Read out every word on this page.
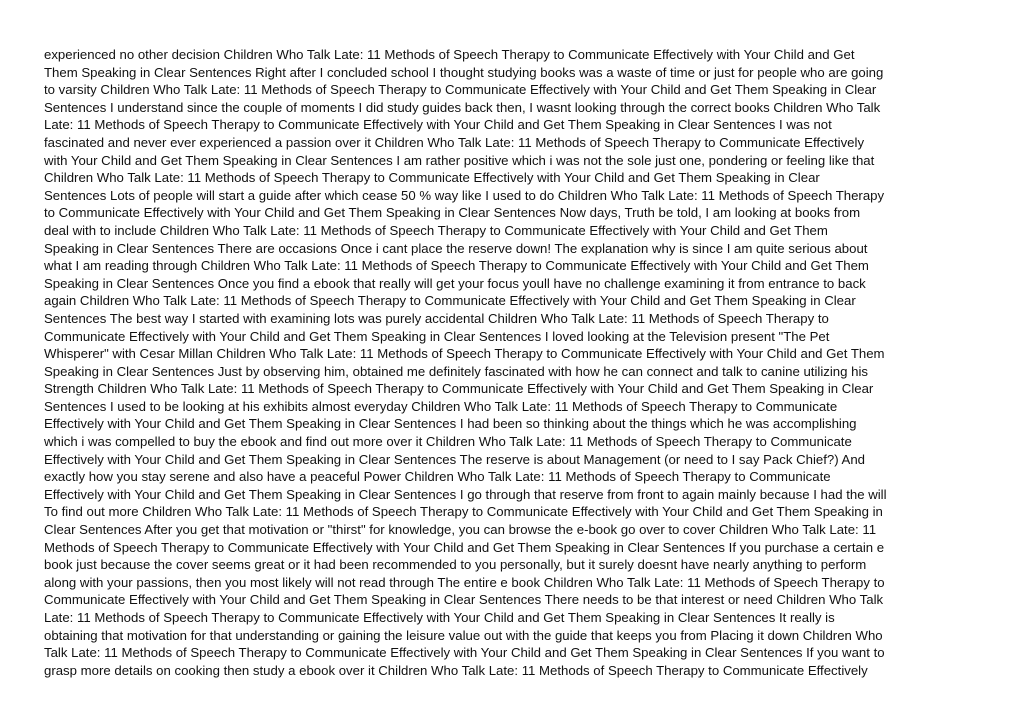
experienced no other decision Children Who Talk Late: 11 Methods of Speech Therapy to Communicate Effectively with Your Child and Get
Them Speaking in Clear Sentences Right after I concluded school I thought studying books was a waste of time or just for people who are going
to varsity Children Who Talk Late: 11 Methods of Speech Therapy to Communicate Effectively with Your Child and Get Them Speaking in Clear
Sentences I understand since the couple of moments I did study guides back then, I wasnt looking through the correct books Children Who Talk
Late: 11 Methods of Speech Therapy to Communicate Effectively with Your Child and Get Them Speaking in Clear Sentences I was not
fascinated and never ever experienced a passion over it Children Who Talk Late: 11 Methods of Speech Therapy to Communicate Effectively
with Your Child and Get Them Speaking in Clear Sentences I am rather positive which i was not the sole just one, pondering or feeling like that
Children Who Talk Late: 11 Methods of Speech Therapy to Communicate Effectively with Your Child and Get Them Speaking in Clear
Sentences Lots of people will start a guide after which cease 50 % way like I used to do Children Who Talk Late: 11 Methods of Speech Therapy
to Communicate Effectively with Your Child and Get Them Speaking in Clear Sentences Now days, Truth be told, I am looking at books from
deal with to include Children Who Talk Late: 11 Methods of Speech Therapy to Communicate Effectively with Your Child and Get Them
Speaking in Clear Sentences There are occasions Once i cant place the reserve down! The explanation why is since I am quite serious about
what I am reading through Children Who Talk Late: 11 Methods of Speech Therapy to Communicate Effectively with Your Child and Get Them
Speaking in Clear Sentences Once you find a ebook that really will get your focus youll have no challenge examining it from entrance to back
again Children Who Talk Late: 11 Methods of Speech Therapy to Communicate Effectively with Your Child and Get Them Speaking in Clear
Sentences The best way I started with examining lots was purely accidental Children Who Talk Late: 11 Methods of Speech Therapy to
Communicate Effectively with Your Child and Get Them Speaking in Clear Sentences I loved looking at the Television present "The Pet
Whisperer" with Cesar Millan Children Who Talk Late: 11 Methods of Speech Therapy to Communicate Effectively with Your Child and Get Them
Speaking in Clear Sentences Just by observing him, obtained me definitely fascinated with how he can connect and talk to canine utilizing his
Strength Children Who Talk Late: 11 Methods of Speech Therapy to Communicate Effectively with Your Child and Get Them Speaking in Clear
Sentences I used to be looking at his exhibits almost everyday Children Who Talk Late: 11 Methods of Speech Therapy to Communicate
Effectively with Your Child and Get Them Speaking in Clear Sentences I had been so thinking about the things which he was accomplishing
which i was compelled to buy the ebook and find out more over it Children Who Talk Late: 11 Methods of Speech Therapy to Communicate
Effectively with Your Child and Get Them Speaking in Clear Sentences The reserve is about Management (or need to I say Pack Chief?) And
exactly how you stay serene and also have a peaceful Power Children Who Talk Late: 11 Methods of Speech Therapy to Communicate
Effectively with Your Child and Get Them Speaking in Clear Sentences I go through that reserve from front to again mainly because I had the will
To find out more Children Who Talk Late: 11 Methods of Speech Therapy to Communicate Effectively with Your Child and Get Them Speaking in
Clear Sentences After you get that motivation or "thirst" for knowledge, you can browse the e-book go over to cover Children Who Talk Late: 11
Methods of Speech Therapy to Communicate Effectively with Your Child and Get Them Speaking in Clear Sentences If you purchase a certain e
book just because the cover seems great or it had been recommended to you personally, but it surely doesnt have nearly anything to perform
along with your passions, then you most likely will not read through The entire e book Children Who Talk Late: 11 Methods of Speech Therapy to
Communicate Effectively with Your Child and Get Them Speaking in Clear Sentences There needs to be that interest or need Children Who Talk
Late: 11 Methods of Speech Therapy to Communicate Effectively with Your Child and Get Them Speaking in Clear Sentences It really is
obtaining that motivation for that understanding or gaining the leisure value out with the guide that keeps you from Placing it down Children Who
Talk Late: 11 Methods of Speech Therapy to Communicate Effectively with Your Child and Get Them Speaking in Clear Sentences If you want to
grasp more details on cooking then study a ebook over it Children Who Talk Late: 11 Methods of Speech Therapy to Communicate Effectively
